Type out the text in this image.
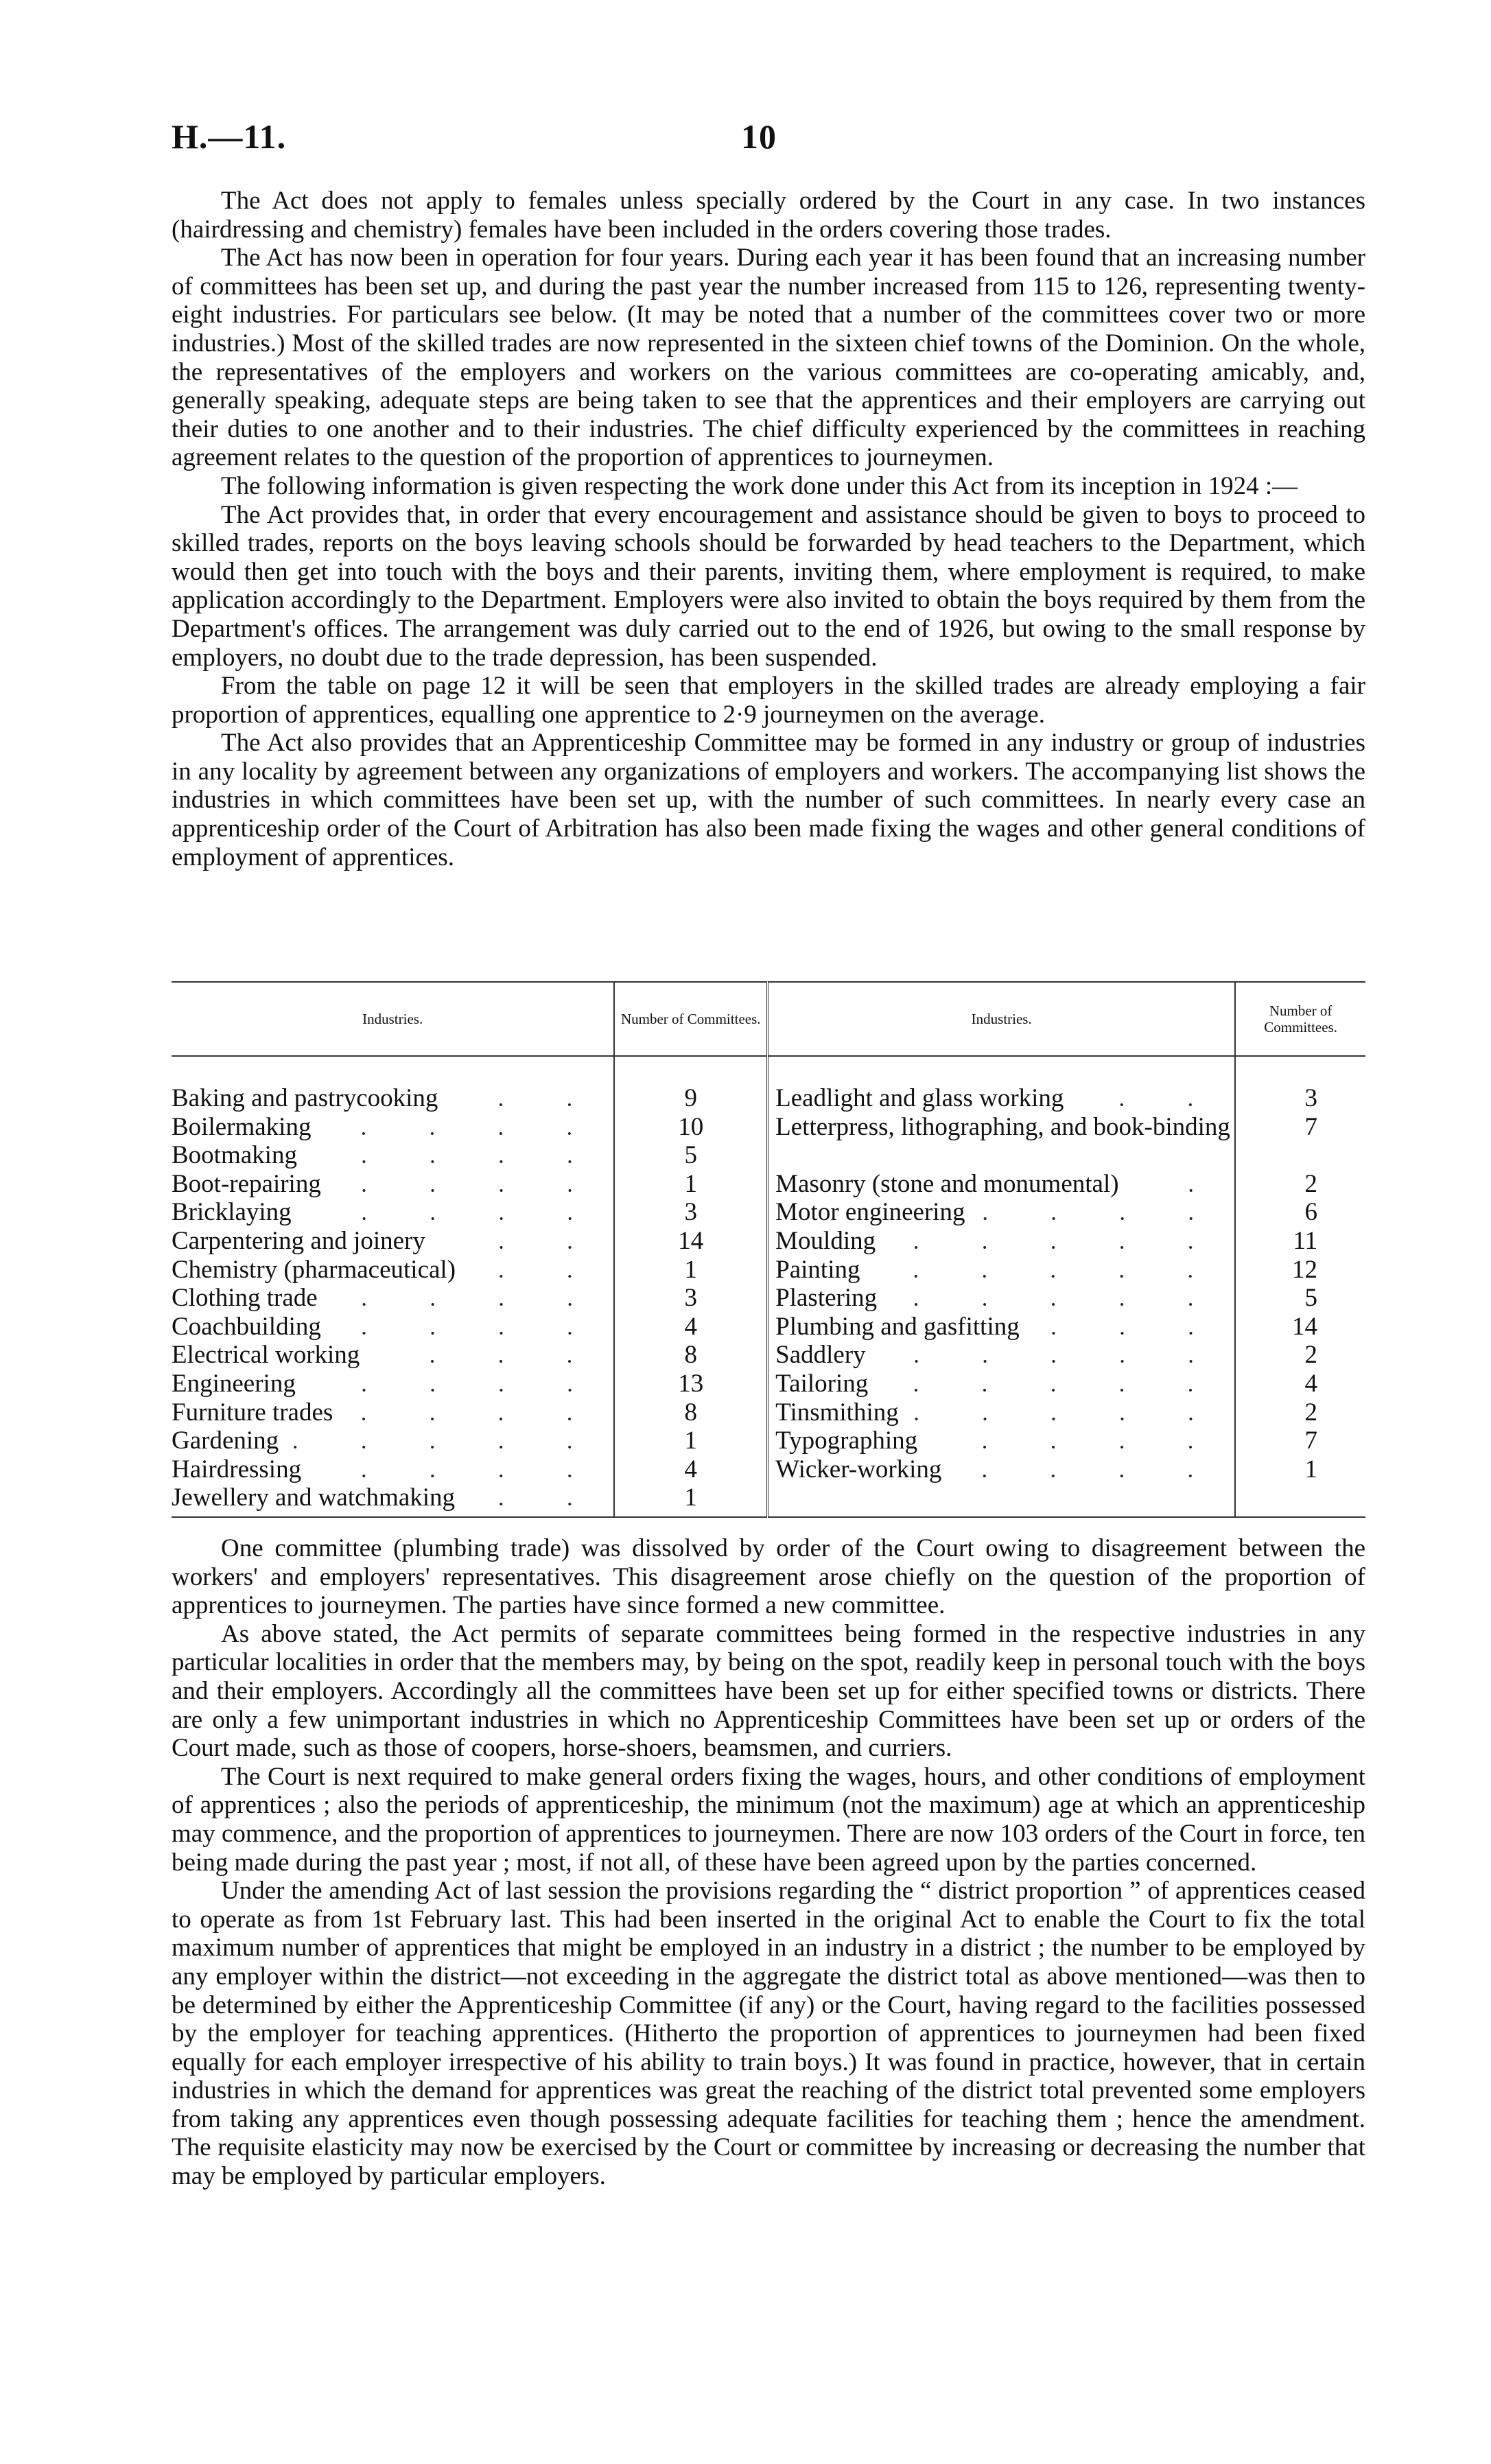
H.—11.	10

The Act does not apply to females unless specially ordered by the Court in any case. In two instances (hairdressing and chemistry) females have been included in the orders covering those trades.

The Act has now been in operation for four years. During each year it has been found that an increasing number of committees has been set up, and during the past year the number increased from 115 to 126, representing twenty-eight industries. For particulars see below. (It may be noted that a number of the committees cover two or more industries.) Most of the skilled trades are now represented in the sixteen chief towns of the Dominion. On the whole, the representatives of the employers and workers on the various committees are co-operating amicably, and, generally speaking, adequate steps are being taken to see that the apprentices and their employers are carrying out their duties to one another and to their industries. The chief difficulty experienced by the committees in reaching agreement relates to the question of the proportion of apprentices to journeymen.

The following information is given respecting the work done under this Act from its inception in 1924 :—

The Act provides that, in order that every encouragement and assistance should be given to boys to proceed to skilled trades, reports on the boys leaving schools should be forwarded by head teachers to the Department, which would then get into touch with the boys and their parents, inviting them, where employment is required, to make application accordingly to the Department. Employers were also invited to obtain the boys required by them from the Department's offices. The arrangement was duly carried out to the end of 1926, but owing to the small response by employers, no doubt due to the trade depression, has been suspended.

From the table on page 12 it will be seen that employers in the skilled trades are already employing a fair proportion of apprentices, equalling one apprentice to 2·9 journeymen on the average.

The Act also provides that an Apprenticeship Committee may be formed in any industry or group of industries in any locality by agreement between any organizations of employers and workers. The accompanying list shows the industries in which committees have been set up, with the number of such committees. In nearly every case an apprenticeship order of the Court of Arbitration has also been made fixing the wages and other general conditions of employment of apprentices.

Industries.	Number of Committees.	Industries.	Number of Committees.

Baking and pastrycooking	9	Leadlight and glass working	3

Boilermaking	10	Letterpress, lithographing, and book-binding	7

Bootmaking	5		

Boot-repairing	1	Masonry (stone and monumental)	2

Bricklaying	3	Motor engineering	6

Carpentering and joinery	14	Moulding	11

Chemistry (pharmaceutical)	1	Painting	12

Clothing trade	3	Plastering	5

Coachbuilding	4	Plumbing and gasfitting	14

Electrical working	8	Saddlery	2

Engineering	13	Tailoring	4

Furniture trades	8	Tinsmithing	2

Gardening	1	Typographing	7

Hairdressing	4	Wicker-working	1

Jewellery and watchmaking	1		

One committee (plumbing trade) was dissolved by order of the Court owing to disagreement between the workers' and employers' representatives. This disagreement arose chiefly on the question of the proportion of apprentices to journeymen. The parties have since formed a new committee.

As above stated, the Act permits of separate committees being formed in the respective industries in any particular localities in order that the members may, by being on the spot, readily keep in personal touch with the boys and their employers. Accordingly all the committees have been set up for either specified towns or districts. There are only a few unimportant industries in which no Apprenticeship Committees have been set up or orders of the Court made, such as those of coopers, horse-shoers, beamsmen, and curriers.

The Court is next required to make general orders fixing the wages, hours, and other conditions of employment of apprentices ; also the periods of apprenticeship, the minimum (not the maximum) age at which an apprenticeship may commence, and the proportion of apprentices to journeymen. There are now 103 orders of the Court in force, ten being made during the past year ; most, if not all, of these have been agreed upon by the parties concerned.

Under the amending Act of last session the provisions regarding the “ district proportion ” of apprentices ceased to operate as from 1st February last. This had been inserted in the original Act to enable the Court to fix the total maximum number of apprentices that might be employed in an industry in a district ; the number to be employed by any employer within the district—not exceeding in the aggregate the district total as above mentioned—was then to be determined by either the Apprenticeship Committee (if any) or the Court, having regard to the facilities possessed by the employer for teaching apprentices. (Hitherto the proportion of apprentices to journeymen had been fixed equally for each employer irrespective of his ability to train boys.) It was found in practice, however, that in certain industries in which the demand for apprentices was great the reaching of the district total prevented some employers from taking any apprentices even though possessing adequate facilities for teaching them ; hence the amendment. The requisite elasticity may now be exercised by the Court or committee by increasing or decreasing the number that may be employed by particular employers.
